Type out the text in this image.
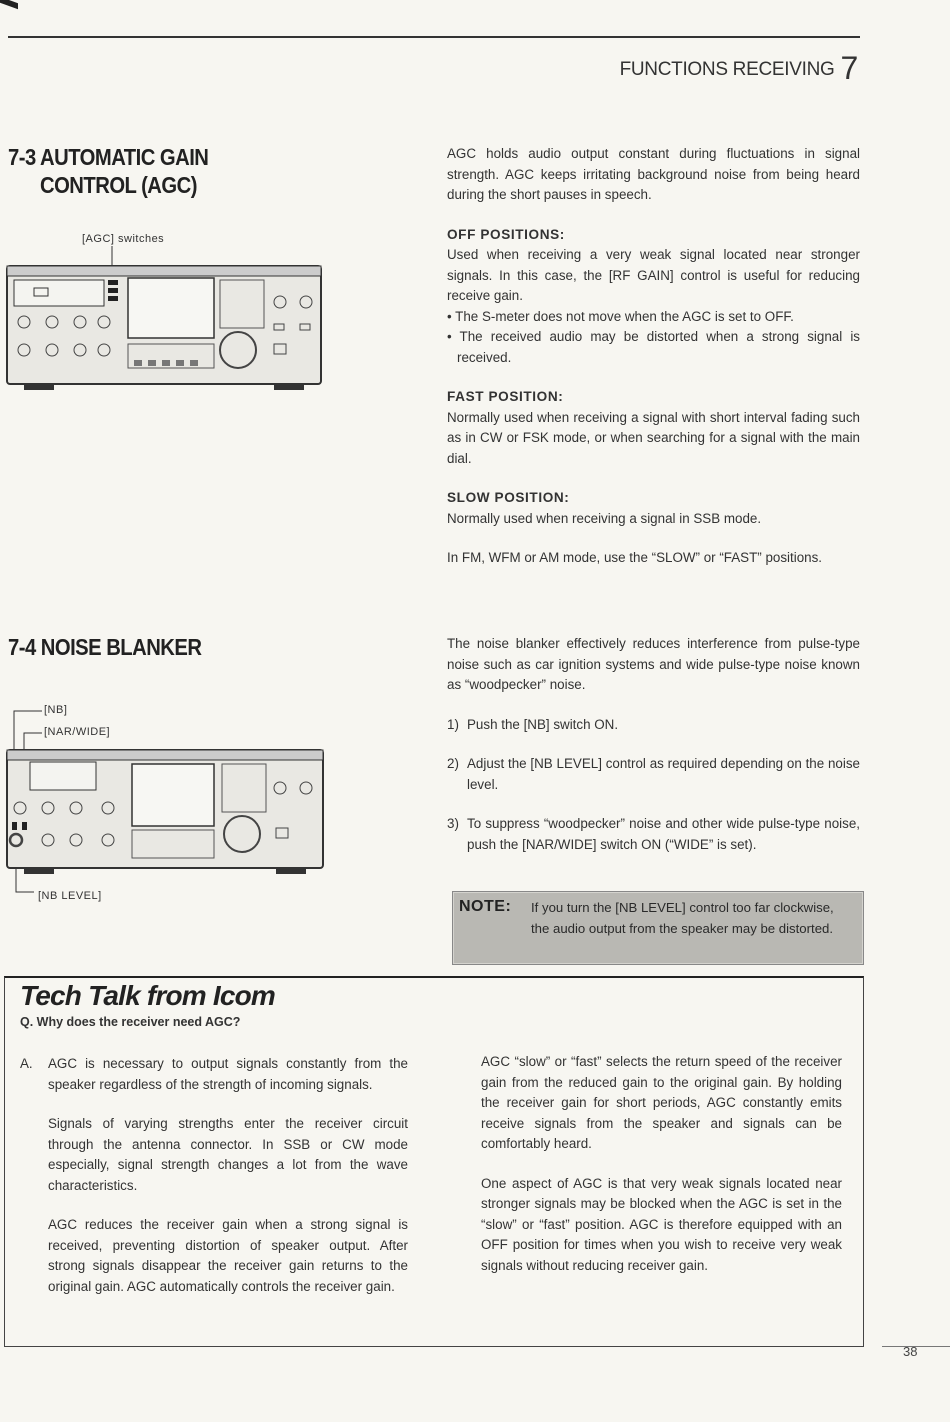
FUNCTIONS RECEIVING 7
7-3 AUTOMATIC GAIN
CONTROL (AGC)
[AGC] switches

AGC holds audio output constant during fluctuations in signal strength. AGC keeps irritating background noise from being heard during the short pauses in speech.

OFF POSITIONS:

Used when receiving a very weak signal located near stronger signals. In this case, the [RF GAIN] control is useful for reducing receive gain.

• The S-meter does not move when the AGC is set to OFF.

• The received audio may be distorted when a strong signal is received.

FAST POSITION:

Normally used when receiving a signal with short interval fading such as in CW or FSK mode, or when searching for a signal with the main dial.

SLOW POSITION:

Normally used when receiving a signal in SSB mode.

In FM, WFM or AM mode, use the “SLOW” or “FAST” positions.

7-4 NOISE BLANKER
[NB]
[NAR/WIDE]
[NB LEVEL]

The noise blanker effectively reduces interference from pulse-type noise such as car ignition systems and wide pulse-type noise known as “woodpecker” noise.

1) Push the [NB] switch ON.
2) Adjust the [NB LEVEL] control as required depending on the noise level.
3) To suppress “woodpecker” noise and other wide pulse-type noise, push the [NAR/WIDE] switch ON (“WIDE” is set).
NOTE: If you turn the [NB LEVEL] control too far clockwise, the audio output from the speaker may be distorted.
Tech Talk from Icom
Q. Why does the receiver need AGC?
A. AGC is necessary to output signals constantly from the speaker regardless of the strength of incoming signals.

Signals of varying strengths enter the receiver circuit through the antenna connector. In SSB or CW mode especially, signal strength changes a lot from the wave characteristics.

AGC reduces the receiver gain when a strong signal is received, preventing distortion of speaker output. After strong signals disappear the receiver gain returns to the original gain. AGC automatically controls the receiver gain.

AGC “slow” or “fast” selects the return speed of the receiver gain from the reduced gain to the original gain. By holding the receiver gain for short periods, AGC constantly emits receive signals from the speaker and signals can be comfortably heard.

One aspect of AGC is that very weak signals located near stronger signals may be blocked when the AGC is set in the “slow” or “fast” position. AGC is therefore equipped with an OFF position for times when you wish to receive very weak signals without reducing receiver gain.

38
